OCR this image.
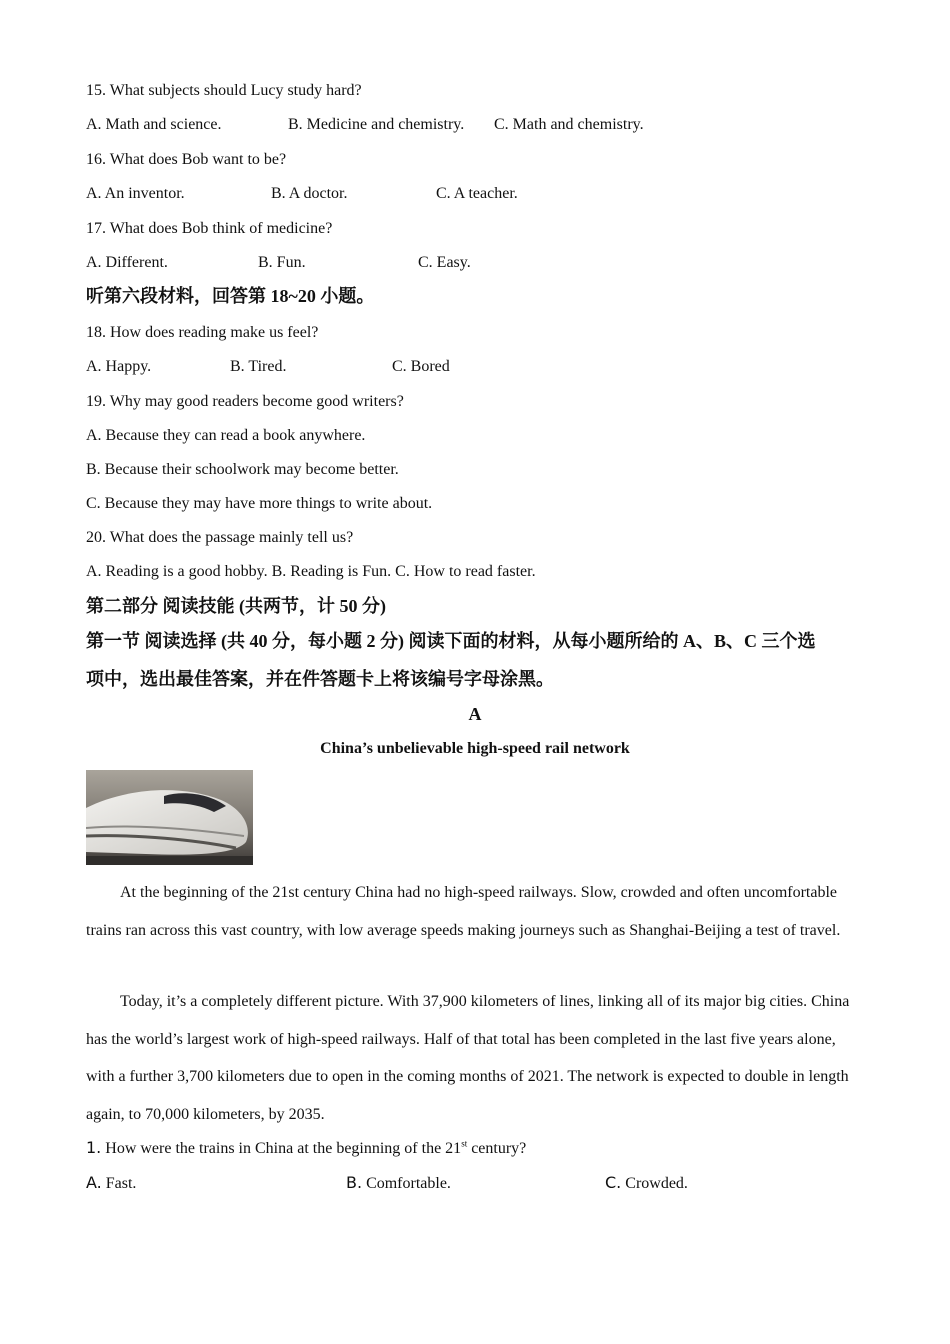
15. What subjects should Lucy study hard?
A. Math and science.	B. Medicine and chemistry. C. Math and chemistry.
16. What does Bob want to be?
A. An inventor.	B. A doctor.	C. A teacher.
17. What does Bob think of medicine?
A. Different.	B. Fun.	C. Easy.
听第六段材料，回答第 18~20 小题。
18. How does reading make us feel?
A. Happy.	B. Tired.	C. Bored
19. Why may good readers become good writers?
A. Because they can read a book anywhere.
B. Because their schoolwork may become better.
C. Because they may have more things to write about.
20. What does the passage mainly tell us?
A. Reading is a good hobby. B. Reading is Fun. C. How to read faster.
第二部分 阅读技能 (共两节，计 50 分)
第一节 阅读选择 (共 40 分，每小题 2 分) 阅读下面的材料，从每小题所给的 A、B、C 三个选
项中，选出最佳答案，并在件答题卡上将该编号字母涂黑。
A
China’s unbelievable high-speed rail network
At the beginning of the 21st century China had no high-speed railways. Slow, crowded and often uncomfortable trains ran across this vast country, with low average speeds making journeys such as Shanghai-Beijing a test of travel.
Today, it’s a completely different picture. With 37,900 kilometers of lines, linking all of its major big cities. China has the world’s largest work of high-speed railways. Half of that total has been completed in the last five years alone, with a further 3,700 kilometers due to open in the coming months of 2021. The network is expected to double in length again, to 70,000 kilometers, by 2035.
1. How were the trains in China at the beginning of the 21st century?
A. Fast.	B. Comfortable.	C. Crowded.
